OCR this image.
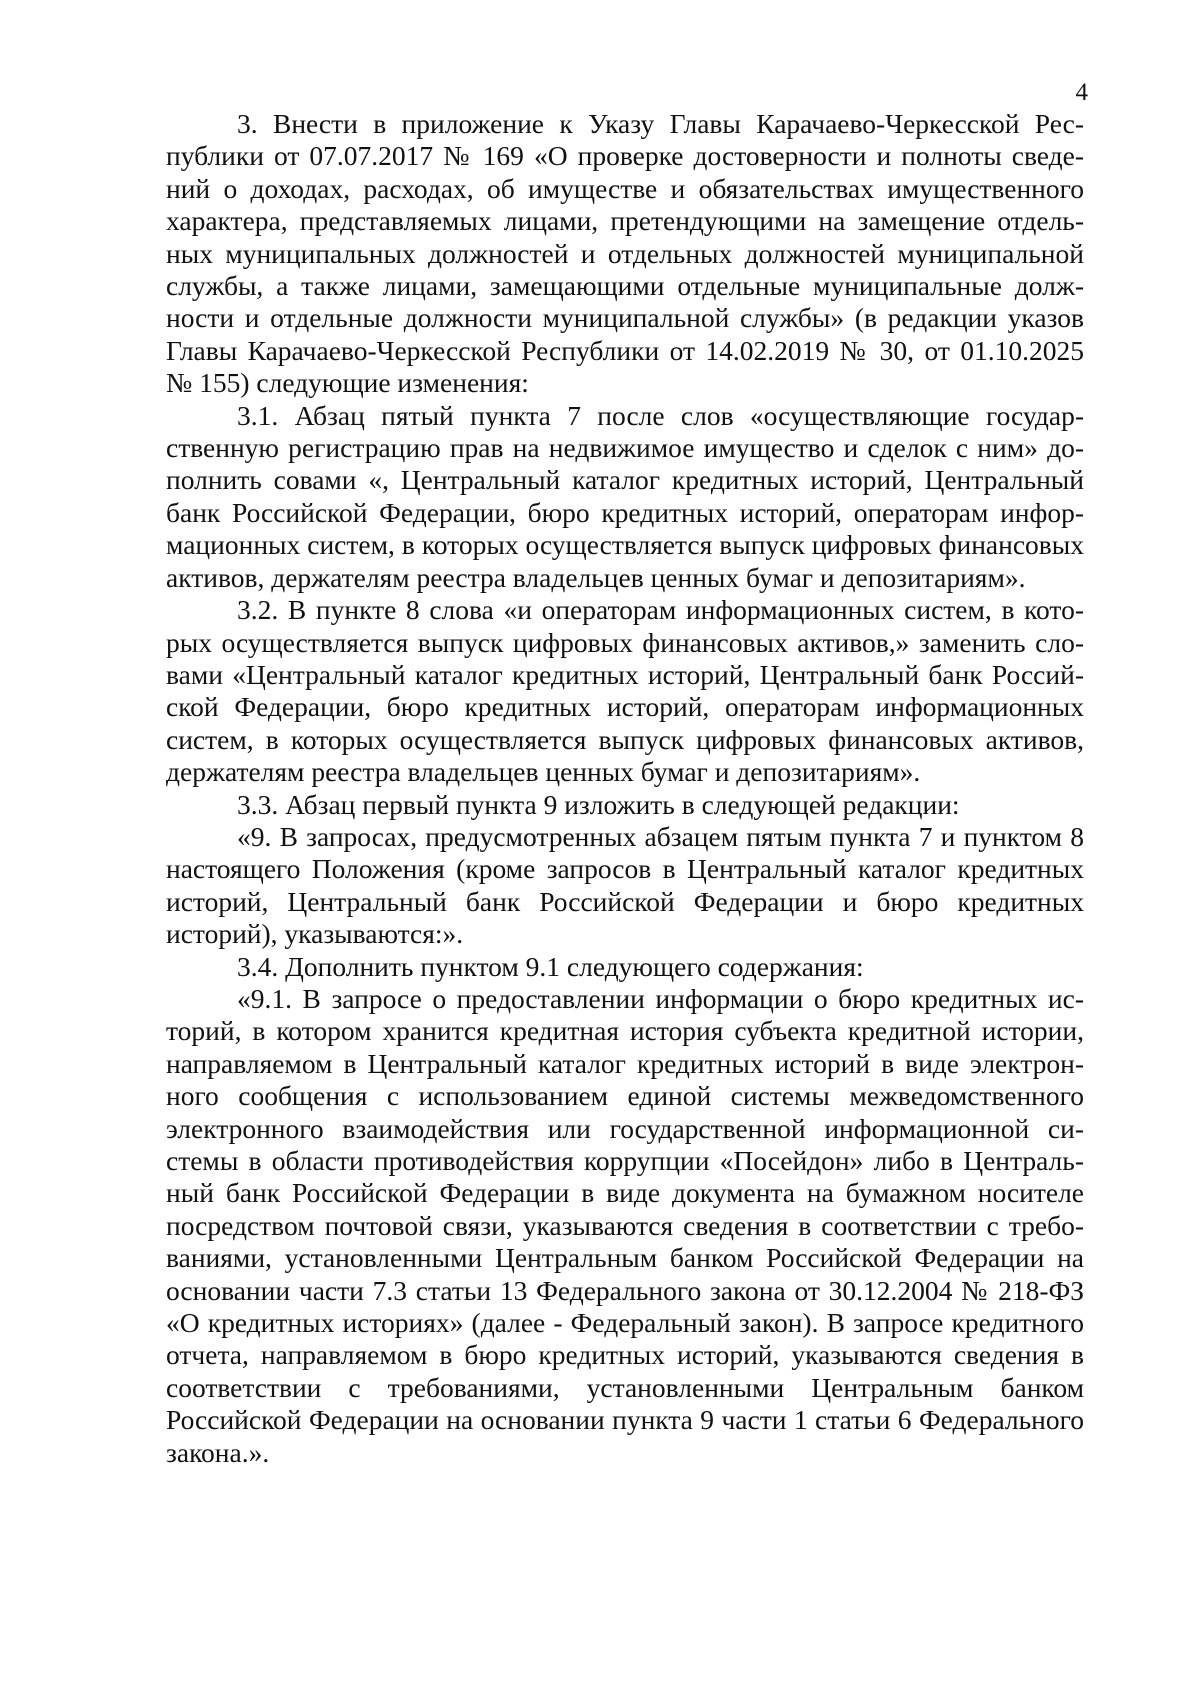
4

3. Внести в приложение к Указу Главы Карачаево-Черкесской Республики от 07.07.2017 № 169 «О проверке достоверности и полноты сведений о доходах, расходах, об имуществе и обязательствах имущественного характера, представляемых лицами, претендующими на замещение отдельных муниципальных должностей и отдельных должностей муниципальной службы, а также лицами, замещающими отдельные муниципальные должности и отдельные должности муниципальной службы» (в редакции указов Главы Карачаево-Черкесской Республики от 14.02.2019 № 30, от 01.10.2025 № 155) следующие изменения:

3.1. Абзац пятый пункта 7 после слов «осуществляющие государственную регистрацию прав на недвижимое имущество и сделок с ним» дополнить совами «, Центральный каталог кредитных историй, Центральный банк Российской Федерации, бюро кредитных историй, операторам информационных систем, в которых осуществляется выпуск цифровых финансовых активов, держателям реестра владельцев ценных бумаг и депозитариям».

3.2. В пункте 8 слова «и операторам информационных систем, в которых осуществляется выпуск цифровых финансовых активов,» заменить словами «Центральный каталог кредитных историй, Центральный банк Российской Федерации, бюро кредитных историй, операторам информационных систем, в которых осуществляется выпуск цифровых финансовых активов, держателям реестра владельцев ценных бумаг и депозитариям».

3.3. Абзац первый пункта 9 изложить в следующей редакции:

«9. В запросах, предусмотренных абзацем пятым пункта 7 и пунктом 8 настоящего Положения (кроме запросов в Центральный каталог кредитных историй, Центральный банк Российской Федерации и бюро кредитных историй), указываются:».

3.4. Дополнить пунктом 9.1 следующего содержания:

«9.1. В запросе о предоставлении информации о бюро кредитных историй, в котором хранится кредитная история субъекта кредитной истории, направляемом в Центральный каталог кредитных историй в виде электронного сообщения с использованием единой системы межведомственного электронного взаимодействия или государственной информационной системы в области противодействия коррупции «Посейдон» либо в Центральный банк Российской Федерации в виде документа на бумажном носителе посредством почтовой связи, указываются сведения в соответствии с требованиями, установленными Центральным банком Российской Федерации на основании части 7.3 статьи 13 Федерального закона от 30.12.2004 № 218-ФЗ «О кредитных историях» (далее - Федеральный закон). В запросе кредитного отчета, направляемом в бюро кредитных историй, указываются сведения в соответствии с требованиями, установленными Центральным банком Российской Федерации на основании пункта 9 части 1 статьи 6 Федерального закона.».
